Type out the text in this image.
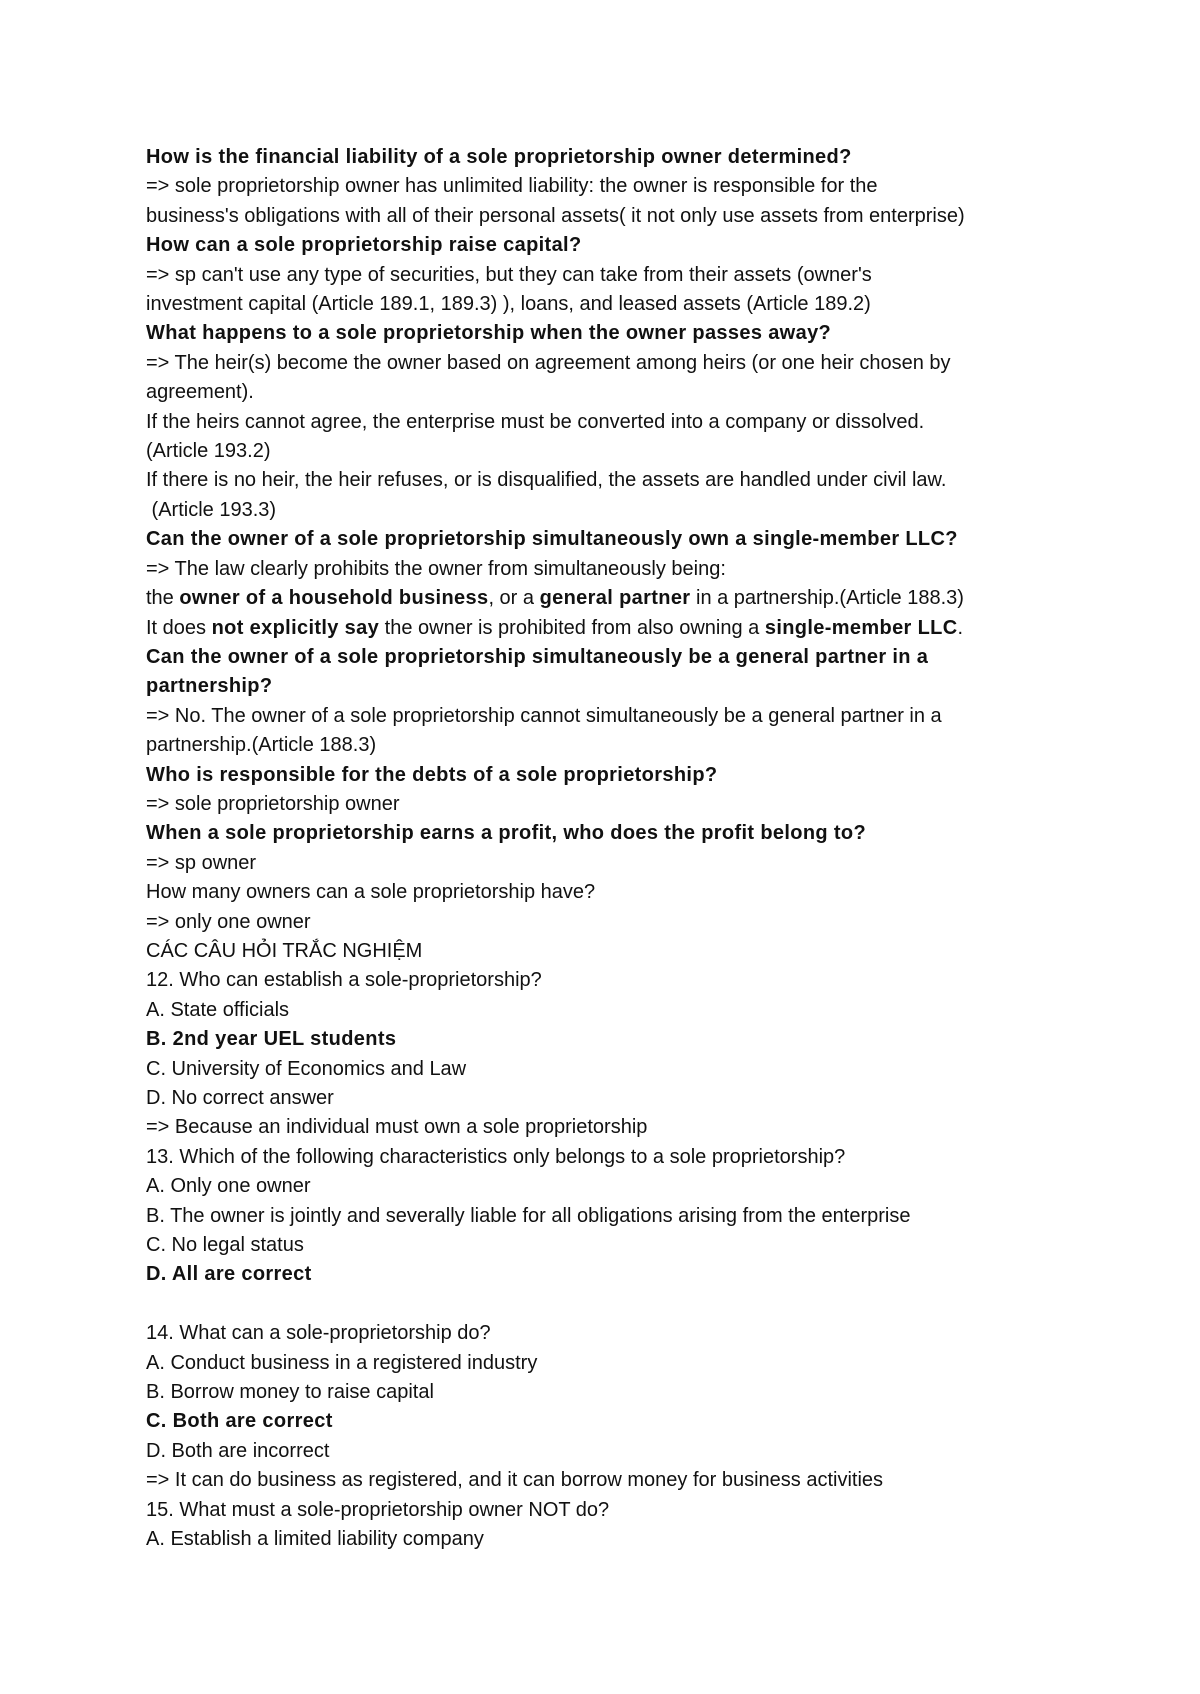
How is the financial liability of a sole proprietorship owner determined?
=> sole proprietorship owner has unlimited liability: the owner is responsible for the
business's obligations with all of their personal assets( it not only use assets from enterprise)
How can a sole proprietorship raise capital?
=> sp can't use any type of securities, but they can take from their assets (owner's
investment capital (Article 189.1, 189.3) ), loans, and leased assets (Article 189.2)
What happens to a sole proprietorship when the owner passes away?
=> The heir(s) become the owner based on agreement among heirs (or one heir chosen by
agreement).
If the heirs cannot agree, the enterprise must be converted into a company or dissolved.
(Article 193.2)
If there is no heir, the heir refuses, or is disqualified, the assets are handled under civil law.
(Article 193.3)
Can the owner of a sole proprietorship simultaneously own a single-member LLC?
=> The law clearly prohibits the owner from simultaneously being:
the owner of a household business, or a general partner in a partnership.(Article 188.3)
It does not explicitly say the owner is prohibited from also owning a single-member LLC.
Can the owner of a sole proprietorship simultaneously be a general partner in a
partnership?
=> No. The owner of a sole proprietorship cannot simultaneously be a general partner in a
partnership.(Article 188.3)
Who is responsible for the debts of a sole proprietorship?
=> sole proprietorship owner
When a sole proprietorship earns a profit, who does the profit belong to?
=> sp owner
How many owners can a sole proprietorship have?
=> only one owner
CÁC CÂU HỎI TRẮC NGHIỆM
12. Who can establish a sole-proprietorship?
A. State officials
B. 2nd year UEL students
C. University of Economics and Law
D. No correct answer
=> Because an individual must own a sole proprietorship
13. Which of the following characteristics only belongs to a sole proprietorship?
A. Only one owner
B. The owner is jointly and severally liable for all obligations arising from the enterprise
C. No legal status
D. All are correct
14. What can a sole-proprietorship do?
A. Conduct business in a registered industry
B. Borrow money to raise capital
C. Both are correct
D. Both are incorrect
=> It can do business as registered, and it can borrow money for business activities
15. What must a sole-proprietorship owner NOT do?
A. Establish a limited liability company
